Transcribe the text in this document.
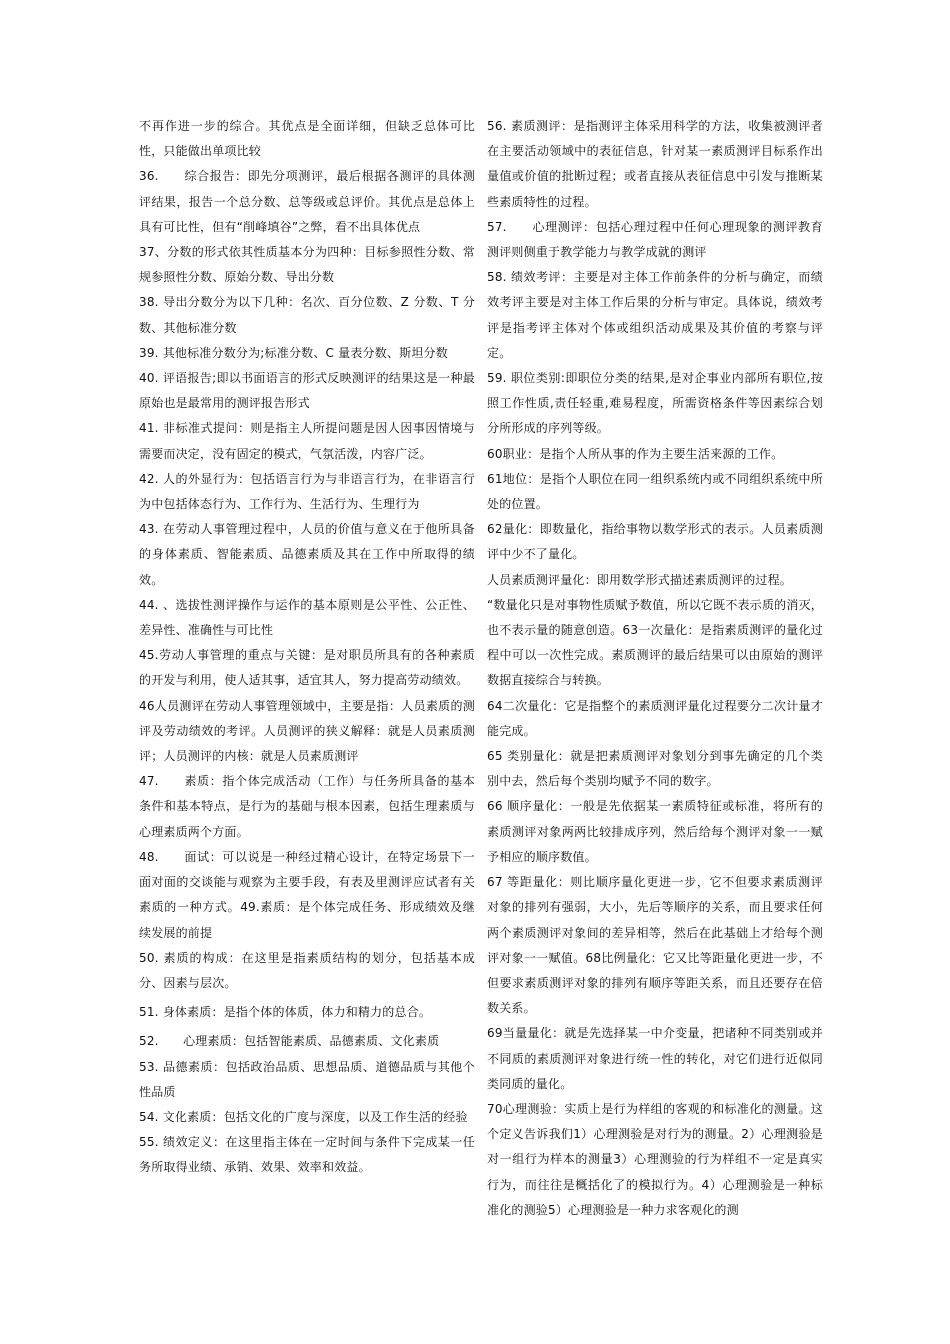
不再作进一步的综合。其优点是全面详细，但缺乏总体可比性，只能做出单项比较

36.　　综合报告：即先分项测评，最后根据各测评的具体测评结果，报告一个总分数、总等级或总评价。其优点是总体上具有可比性，但有“削峰填谷”之弊，看不出具体优点

37、分数的形式依其性质基本分为四种：目标参照性分数、常规参照性分数、原始分数、导出分数

38. 导出分数分为以下几种：名次、百分位数、Z 分数、T 分数、其他标准分数

39. 其他标准分数分为;标准分数、C 量表分数、斯坦分数

40. 评语报告;即以书面语言的形式反映测评的结果这是一种最原始也是最常用的测评报告形式

41. 非标准式提问：则是指主人所提问题是因人因事因情境与需要而决定，没有固定的模式，气氛活泼，内容广泛。

42. 人的外显行为：包括语言行为与非语言行为，在非语言行为中包括体态行为、工作行为、生活行为、生理行为

43. 在劳动人事管理过程中，人员的价值与意义在于他所具备的身体素质、智能素质、品德素质及其在工作中所取得的绩效。

44. 、选拔性测评操作与运作的基本原则是公平性、公正性、差异性、准确性与可比性

45.劳动人事管理的重点与关键：是对职员所具有的各种素质的开发与利用，使人适其事，适宜其人，努力提高劳动绩效。

46人员测评在劳动人事管理领域中，主要是指：人员素质的测评及劳动绩效的考评。人员测评的狭义解释：就是人员素质测评；人员测评的内核：就是人员素质测评

47.　　素质：指个体完成活动（工作）与任务所具备的基本条件和基本特点，是行为的基础与根本因素，包括生理素质与心理素质两个方面。

48.　　面试：可以说是一种经过精心设计，在特定场景下一面对面的交谈能与观察为主要手段，有表及里测评应试者有关素质的一种方式。49.素质：是个体完成任务、形成绩效及继续发展的前提

50. 素质的构成：在这里是指素质结构的划分，包括基本成分、因素与层次。

51. 身体素质：是指个体的体质，体力和精力的总合。

52.　　心理素质：包括智能素质、品德素质、文化素质

53. 品德素质：包括政治品质、思想品质、道德品质与其他个性品质

54. 文化素质：包括文化的广度与深度，以及工作生活的经验

55. 绩效定义：在这里指主体在一定时间与条件下完成某一任务所取得业绩、承销、效果、效率和效益。

56. 素质测评：是指测评主体采用科学的方法，收集被测评者在主要活动领域中的表征信息，针对某一素质测评目标系作出量值或价值的批断过程；或者直接从表征信息中引发与推断某些素质特性的过程。

57.　　心理测评：包括心理过程中任何心理现象的测评教育测评则侧重于教学能力与教学成就的测评

58. 绩效考评：主要是对主体工作前条件的分析与确定，而绩效考评主要是对主体工作后果的分析与审定。具体说，绩效考评是指考评主体对个体或组织活动成果及其价值的考察与评定。

59. 职位类别:即职位分类的结果,是对企事业内部所有职位,按照工作性质,责任轻重,难易程度，所需资格条件等因素综合划分所形成的序列等级。

60职业：是指个人所从事的作为主要生活来源的工作。

61地位：是指个人职位在同一组织系统内或不同组织系统中所处的位置。

62量化：即数量化，指给事物以数学形式的表示。人员素质测评中少不了量化。

人员素质测评量化：即用数学形式描述素质测评的过程。

“数量化只是对事物性质赋予数值，所以它既不表示质的消灭，也不表示量的随意创造。63一次量化：是指素质测评的量化过程中可以一次性完成。素质测评的最后结果可以由原始的测评数据直接综合与转换。

64二次量化：它是指整个的素质测评量化过程要分二次计量才能完成。

65 类别量化：就是把素质测评对象划分到事先确定的几个类别中去，然后每个类别均赋予不同的数字。

66 顺序量化：一般是先依据某一素质特征或标准，将所有的素质测评对象两两比较排成序列，然后给每个测评对象一一赋予相应的顺序数值。

67 等距量化：则比顺序量化更进一步，它不但要求素质测评对象的排列有强弱，大小，先后等顺序的关系，而且要求任何两个素质测评对象间的差异相等，然后在此基础上才给每个测评对象一一赋值。68比例量化：它又比等距量化更进一步，不但要求素质测评对象的排列有顺序等距关系，而且还要存在倍数关系。

69当量量化：就是先选择某一中介变量，把诸种不同类别或并不同质的素质测评对象进行统一性的转化，对它们进行近似同类同质的量化。

70心理测验：实质上是行为样组的客观的和标准化的测量。这个定义告诉我们1）心理测验是对行为的测量。2）心理测验是对一组行为样本的测量3）心理测验的行为样组不一定是真实行为，而往往是概括化了的模拟行为。4）心理测验是一种标准化的测验5）心理测验是一种力求客观化的测
